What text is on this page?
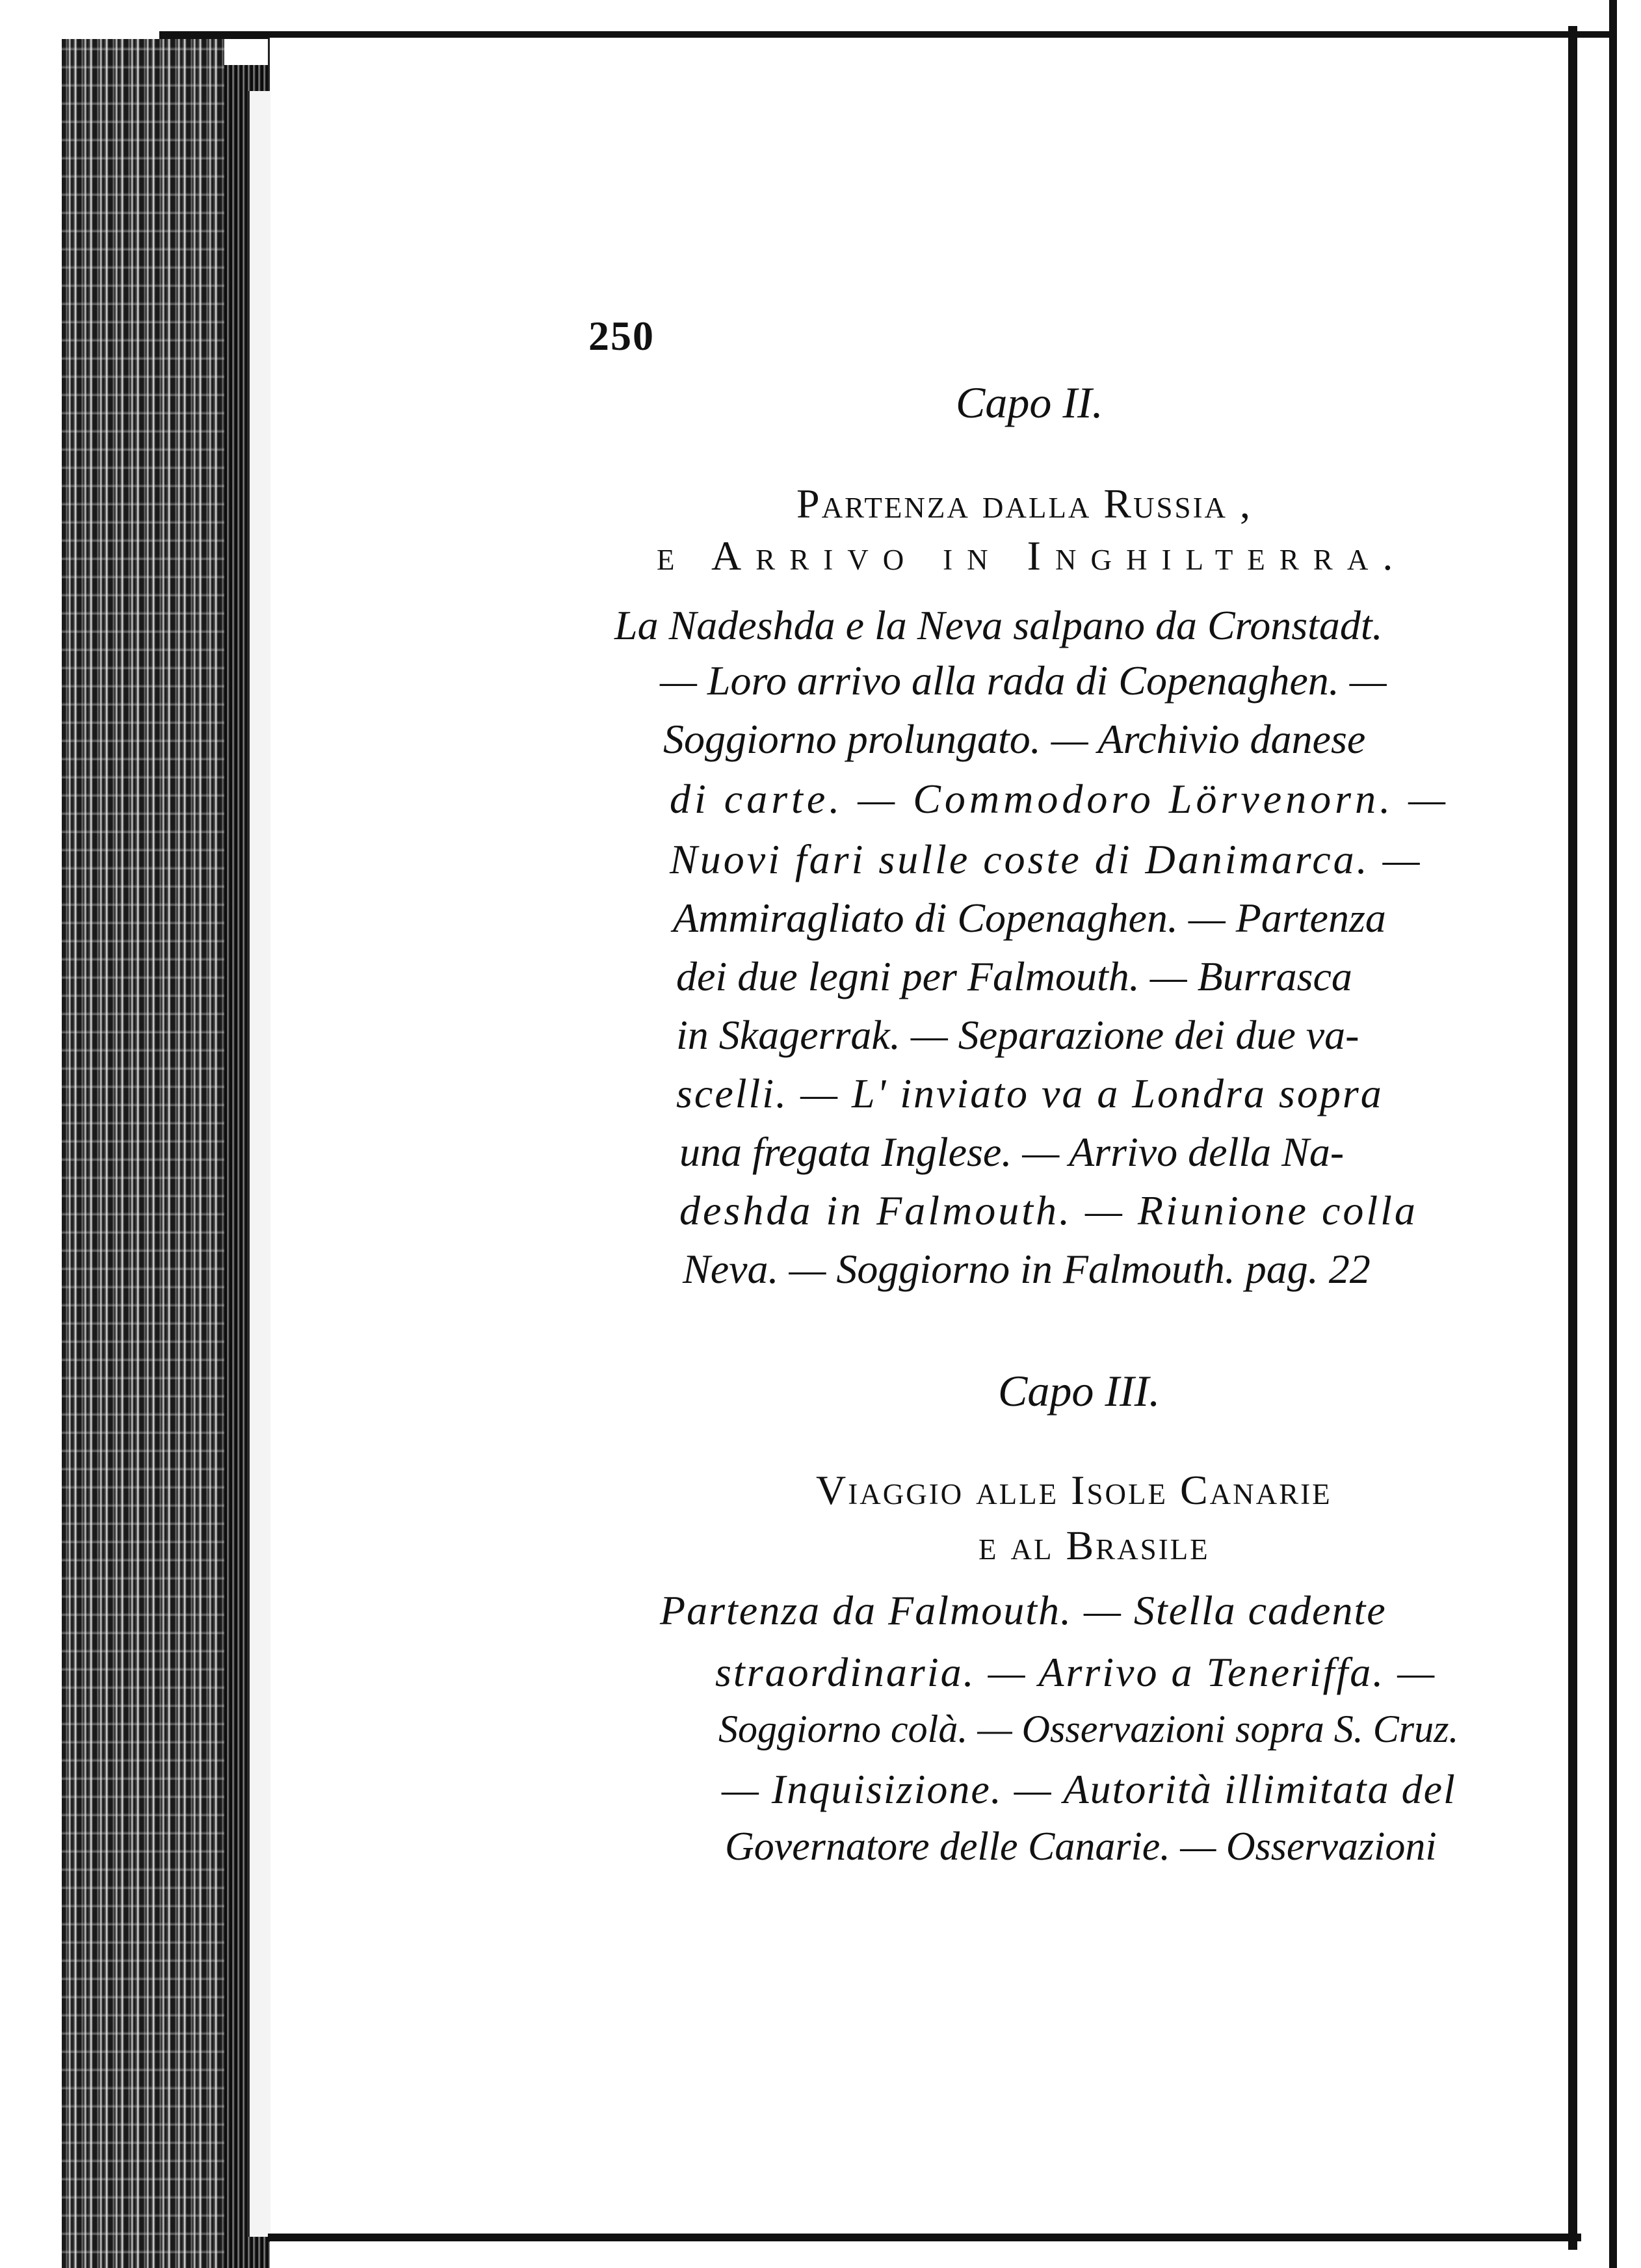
250
Capo II.
Partenza dalla Russia ,
e Arrivo in Inghilterra.
La Nadeshda e la Neva salpano da Cronstadt.
— Loro arrivo alla rada di Copenaghen. —
Soggiorno prolungato. — Archivio danese
di carte. — Commodoro Lörvenorn. —
Nuovi fari sulle coste di Danimarca. —
Ammiragliato di Copenaghen. — Partenza
dei due legni per Falmouth. — Burrasca
in Skagerrak. — Separazione dei due va-
scelli. — L' inviato va a Londra sopra
una fregata Inglese. — Arrivo della Na-
deshda in Falmouth. — Riunione colla
Neva. — Soggiorno in Falmouth. pag. 22
Capo III.
Viaggio alle Isole Canarie
e al Brasile
Partenza da Falmouth. — Stella cadente
straordinaria. — Arrivo a Teneriffa. —
Soggiorno colà. — Osservazioni sopra S. Cruz.
— Inquisizione. — Autorità illimitata del
Governatore delle Canarie. — Osservazioni
